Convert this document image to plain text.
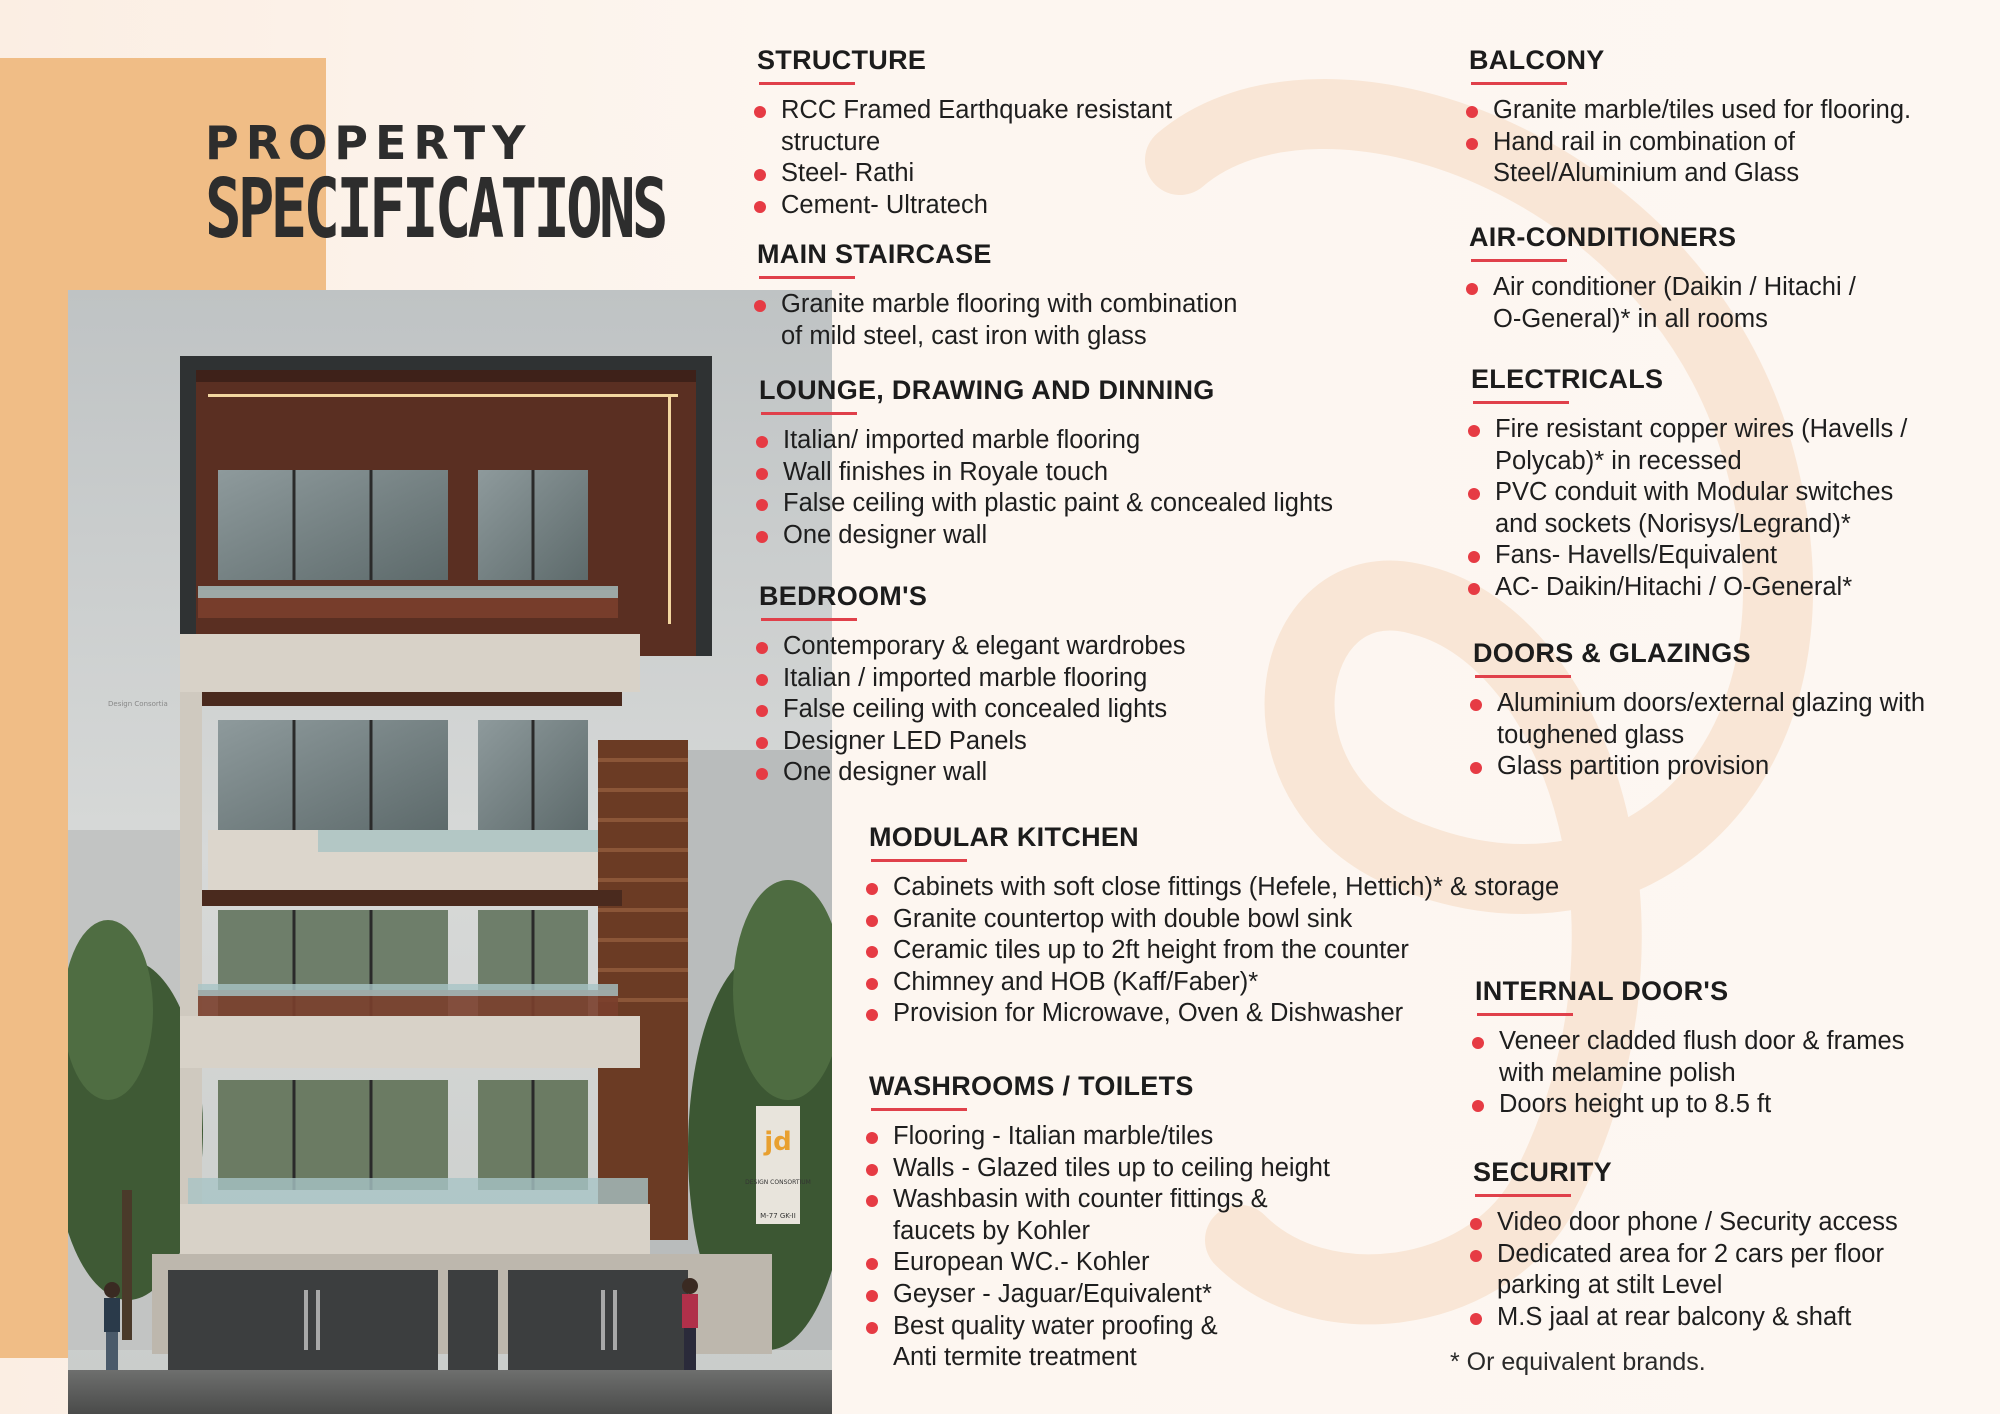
PROPERTY
SPECIFICATIONS
jd
DESIGN CONSORTIUM
M-77 GK-II
Design Consortia
STRUCTURE
RCC Framed Earthquake resistant
structure
Steel- Rathi
Cement- Ultratech
MAIN STAIRCASE
Granite marble flooring with combination
of mild steel, cast iron with glass
LOUNGE, DRAWING AND DINNING
Italian/ imported marble flooring
Wall finishes in Royale touch
False ceiling with plastic paint & concealed lights
One designer wall
BEDROOM'S
Contemporary & elegant wardrobes
Italian / imported marble flooring
False ceiling with concealed lights
Designer LED Panels
One designer wall
MODULAR KITCHEN
Cabinets with soft close fittings (Hefele, Hettich)* & storage
Granite countertop with double bowl sink
Ceramic tiles up to 2ft height from the counter
Chimney and HOB (Kaff/Faber)*
Provision for Microwave, Oven & Dishwasher
WASHROOMS / TOILETS
Flooring - Italian marble/tiles
Walls - Glazed tiles up to ceiling height
Washbasin with counter fittings &
faucets by Kohler
European WC.- Kohler
Geyser - Jaguar/Equivalent*
Best quality water proofing &
Anti termite treatment
BALCONY
Granite marble/tiles used for flooring.
Hand rail in combination of
Steel/Aluminium and Glass
AIR-CONDITIONERS
Air conditioner (Daikin / Hitachi /
O-General)* in all rooms
ELECTRICALS
Fire resistant copper wires (Havells /
Polycab)* in recessed
PVC conduit with Modular switches
and sockets (Norisys/Legrand)*
Fans- Havells/Equivalent
AC- Daikin/Hitachi / O-General*
DOORS & GLAZINGS
Aluminium doors/external glazing with
toughened glass
Glass partition provision
INTERNAL DOOR'S
Veneer cladded flush door & frames
with melamine polish
Doors height up to 8.5 ft
SECURITY
Video door phone / Security access
Dedicated area for 2 cars per floor
parking at stilt Level
M.S jaal at rear balcony & shaft
* Or equivalent brands.
